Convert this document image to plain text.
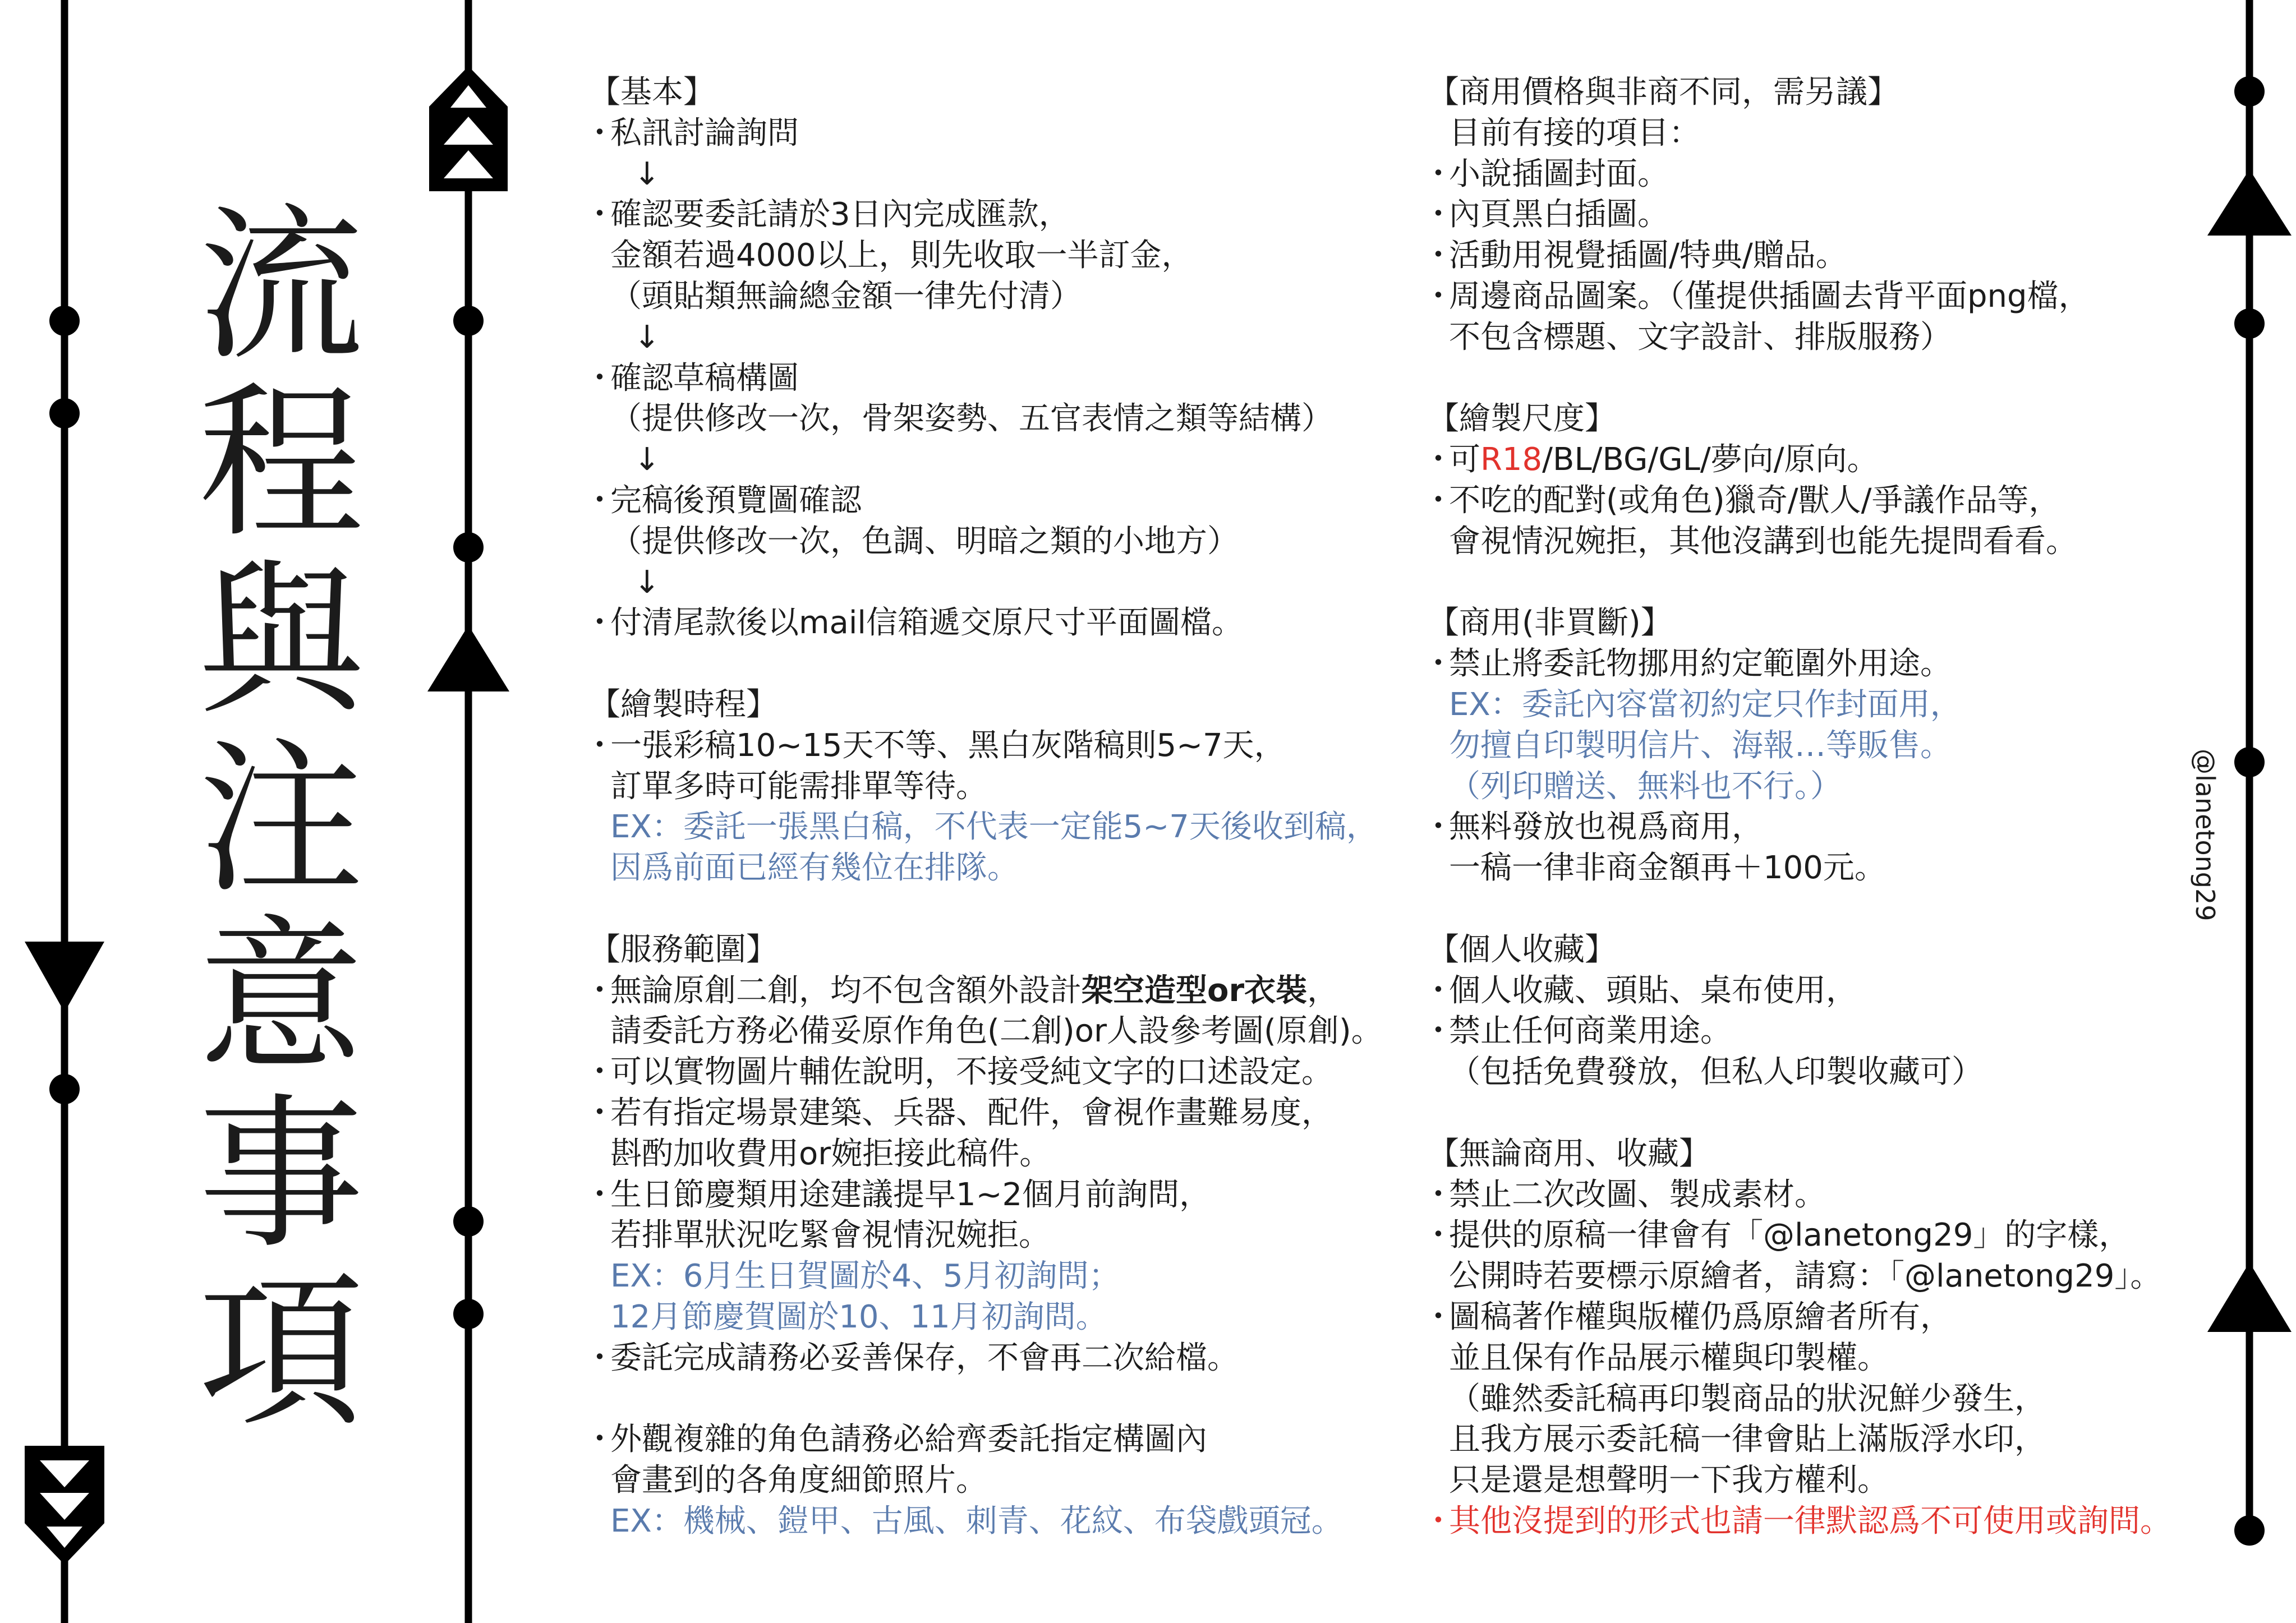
流程與注意事項	@lanetong29
【基本】
・私訊討論詢問
↓
・確認要委託請於3日內完成匯款，
金額若過4000以上，則先收取一半訂金，
（頭貼類無論總金額一律先付清）
↓
・確認草稿構圖
（提供修改一次，骨架姿勢、五官表情之類等結構）
↓
・完稿後預覽圖確認
（提供修改一次，色調、明暗之類的小地方）
↓
・付清尾款後以mail信箱遞交原尺寸平面圖檔。
【繪製時程】
・一張彩稿10~15天不等、黑白灰階稿則5~7天，
訂單多時可能需排單等待。
EX：委託一張黑白稿，不代表一定能5~7天後收到稿，
因爲前面已經有幾位在排隊。
【服務範圍】
・無論原創二創，均不包含額外設計架空造型or衣裝，
請委託方務必備妥原作角色(二創)or人設參考圖(原創)。
・可以實物圖片輔佐說明，不接受純文字的口述設定。
・若有指定場景建築、兵器、配件，會視作畫難易度，
斟酌加收費用or婉拒接此稿件。
・生日節慶類用途建議提早1~2個月前詢問，
若排單狀況吃緊會視情況婉拒。
EX：6月生日賀圖於4、5月初詢問；
12月節慶賀圖於10、11月初詢問。
・委託完成請務必妥善保存，不會再二次給檔。
・外觀複雜的角色請務必給齊委託指定構圖內
會畫到的各角度細節照片。
EX：機械、鎧甲、古風、刺青、花紋、布袋戲頭冠。
【商用價格與非商不同，需另議】
目前有接的項目：
・小說插圖封面。
・內頁黑白插圖。
・活動用視覺插圖/特典/贈品。
・周邊商品圖案。（僅提供插圖去背平面png檔，
不包含標題、文字設計、排版服務）
【繪製尺度】
・可R18/BL/BG/GL/夢向/原向。
・不吃的配對(或角色)獵奇/獸人/爭議作品等，
會視情況婉拒，其他沒講到也能先提問看看。
【商用(非買斷)】
・禁止將委託物挪用約定範圍外用途。
EX：委託內容當初約定只作封面用，
勿擅自印製明信片、海報…等販售。
（列印贈送、無料也不行。）
・無料發放也視爲商用，
一稿一律非商金額再＋100元。
【個人收藏】
・個人收藏、頭貼、桌布使用，
・禁止任何商業用途。
（包括免費發放，但私人印製收藏可）
【無論商用、收藏】
・禁止二次改圖、製成素材。
・提供的原稿一律會有「@lanetong29」的字樣，
公開時若要標示原繪者，請寫：「@lanetong29」。
・圖稿著作權與版權仍爲原繪者所有，
並且保有作品展示權與印製權。
（雖然委託稿再印製商品的狀況鮮少發生，
且我方展示委託稿一律會貼上滿版浮水印，
只是還是想聲明一下我方權利。
・其他沒提到的形式也請一律默認爲不可使用或詢問。
